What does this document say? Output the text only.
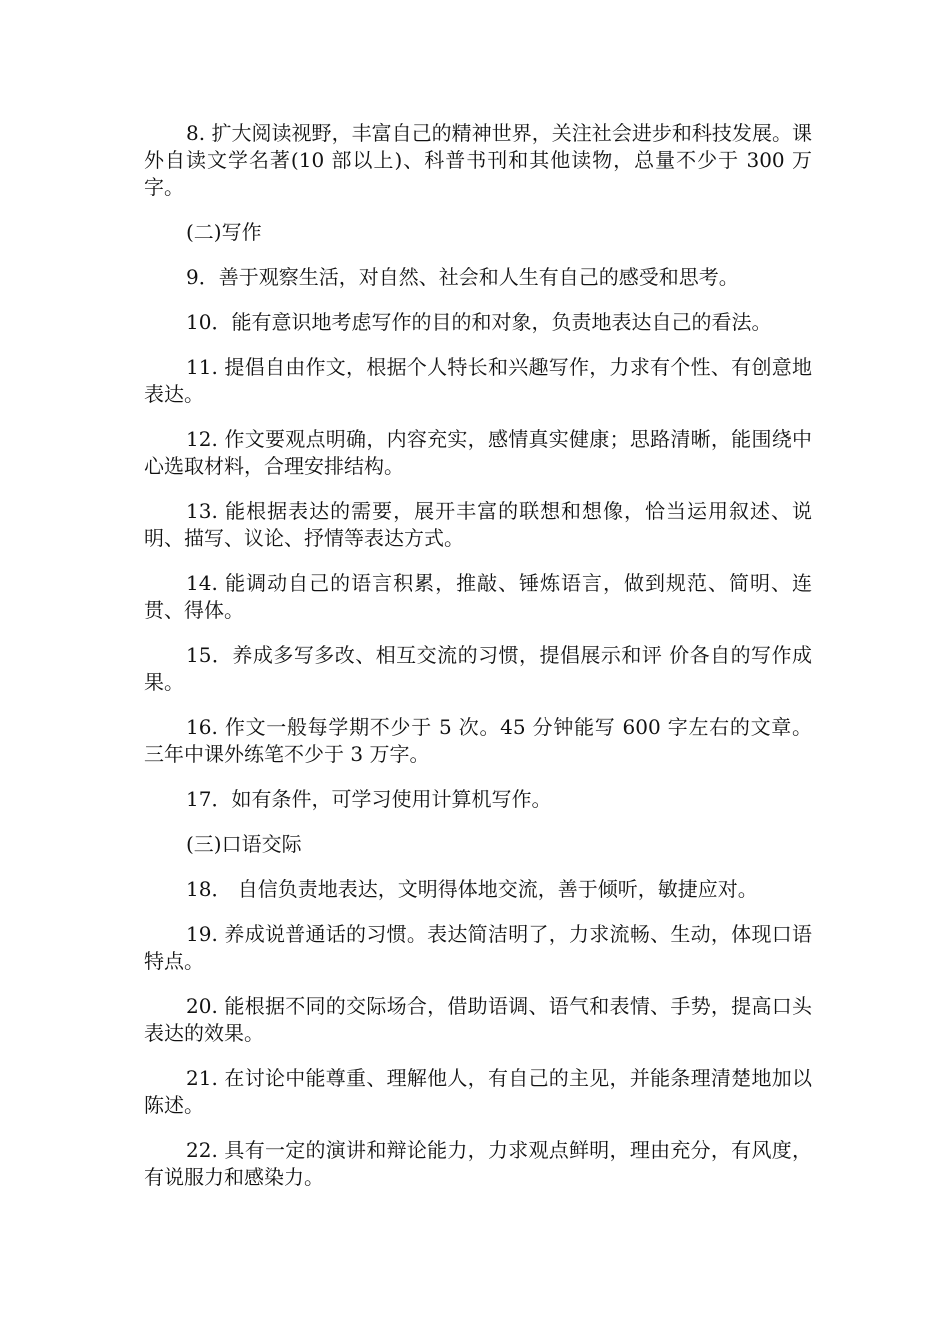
8. 扩大阅读视野，丰富自己的精神世界，关注社会进步和科技发展。课外自读文学名著(10 部以上)、科普书刊和其他读物，总量不少于 300 万字。

(二)写作

9．善于观察生活，对自然、社会和人生有自己的感受和思考。

10．能有意识地考虑写作的目的和对象，负责地表达自己的看法。

11. 提倡自由作文，根据个人特长和兴趣写作，力求有个性、有创意地表达。

12. 作文要观点明确，内容充实，感情真实健康；思路清晰，能围绕中心选取材料，合理安排结构。

13. 能根据表达的需要，展开丰富的联想和想像，恰当运用叙述、说明、描写、议论、抒情等表达方式。

14. 能调动自己的语言积累，推敲、锤炼语言，做到规范、简明、连贯、得体。

15．养成多写多改、相互交流的习惯，提倡展示和评 价各自的写作成果。

16. 作文一般每学期不少于 5 次。45 分钟能写 600 字左右的文章。三年中课外练笔不少于 3 万字。

17．如有条件，可学习使用计算机写作。

(三)口语交际

18． 自信负责地表达，文明得体地交流，善于倾听，敏捷应对。

19. 养成说普通话的习惯。表达简洁明了，力求流畅、生动，体现口语特点。

20. 能根据不同的交际场合，借助语调、语气和表情、手势，提高口头表达的效果。

21. 在讨论中能尊重、理解他人，有自己的主见，并能条理清楚地加以陈述。

22. 具有一定的演讲和辩论能力，力求观点鲜明，理由充分，有风度，有说服力和感染力。
